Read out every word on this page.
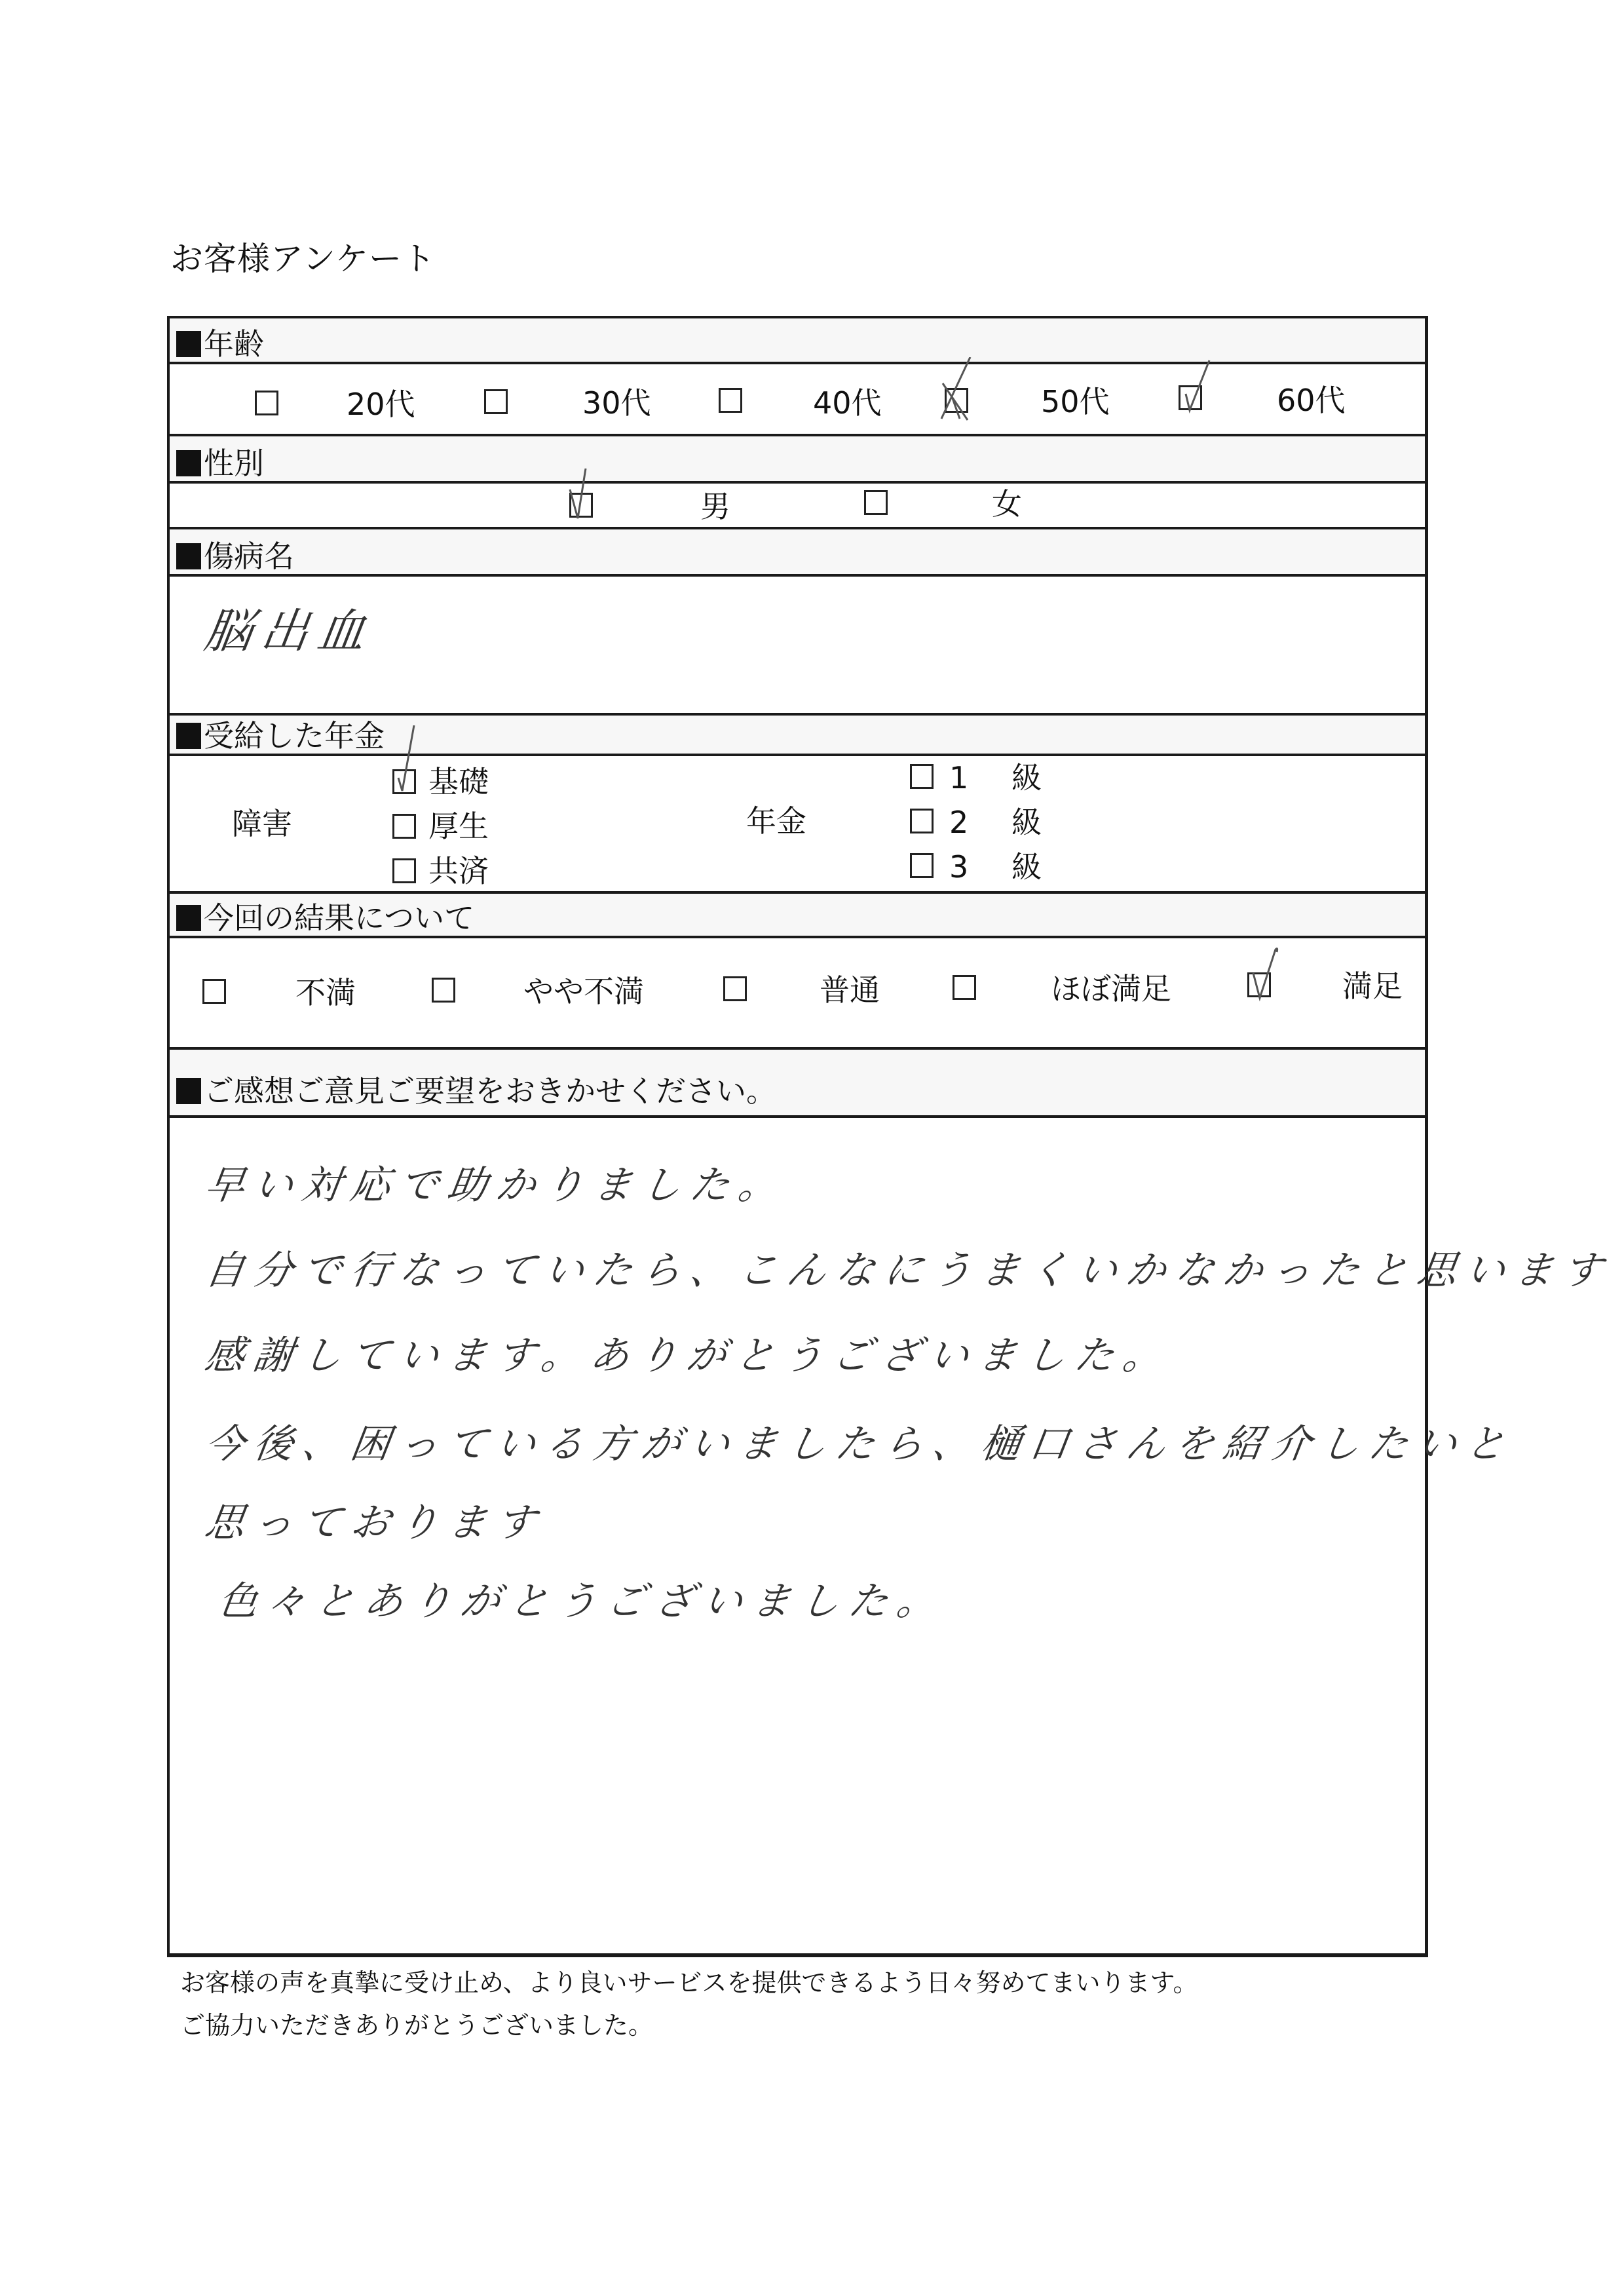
お客様アンケート
年齢
20代	30代	40代	50代	60代
性別
男	女
傷病名
脳出血
受給した年金
障害
基礎
厚生
共済
年金
1 級
2 級
3 級
今回の結果について
不満	やや不満	普通	ほぼ満足	満足
ご感想ご意見ご要望をおきかせください。
早い対応で助かりました。
自分で行なっていたら、こんなにうまくいかなかったと思います
感謝しています。ありがとうございました。
今後、困っている方がいましたら、樋口さんを紹介したいと
思っております
色々とありがとうございました。
お客様の声を真摯に受け止め、より良いサービスを提供できるよう日々努めてまいります。
ご協力いただきありがとうございました。
